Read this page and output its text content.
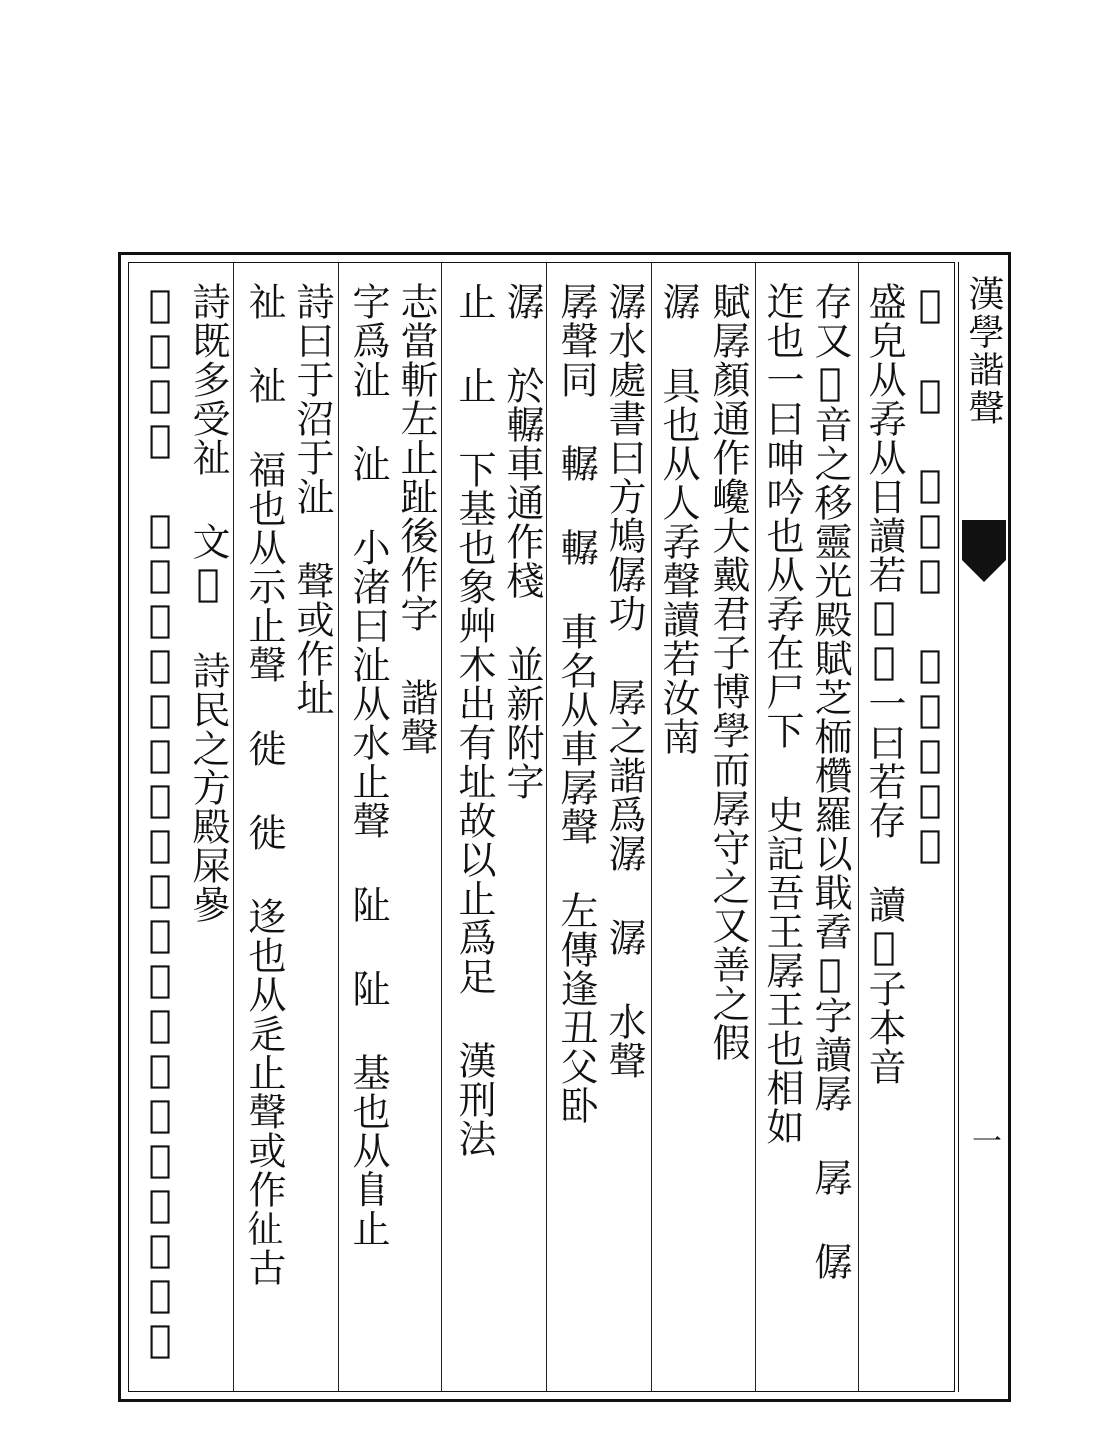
漢學諧聲
一
𡦹 𡦹 讀若存 讀𡦹子本音
盛皃从孨从日讀若𦹏𦹏一曰若存 讀𦹏子本音
存又𦹏音之移靈光殿賦芝栭欑羅以戢孴𦹏字讀孱 孱 僝
迮也一曰呻吟也从孨在尸下 史記吾王孱王也相如
賦孱顏通作巉大戴君子博學而孱守之又善之假
潺 具也从人孨聲讀若汝南
潺水處書曰方鳩僝功 孱之諧爲潺 潺 水聲
孱聲同 轏 轏 車名从車孱聲 左傳逢丑父卧
潺 於轏車通作棧 並新附字
止 止 下基也象艸木出有址故以止爲足 漢刑法
志當斬左止趾後作字 諧聲
字爲沚 沚 小渚曰沚从水止聲 阯 阯 基也从𨸏止
詩曰于沼于沚 聲或作址
祉 祉 福也从示止聲 徙 徙 迻也从辵止聲或作𢓊古
詩既多受祉 文𡱵 詩民之方殿屎𠻝
𡱵字之訛 徙字古無異讀荀子成相篇世之禍惡賢士子胥
